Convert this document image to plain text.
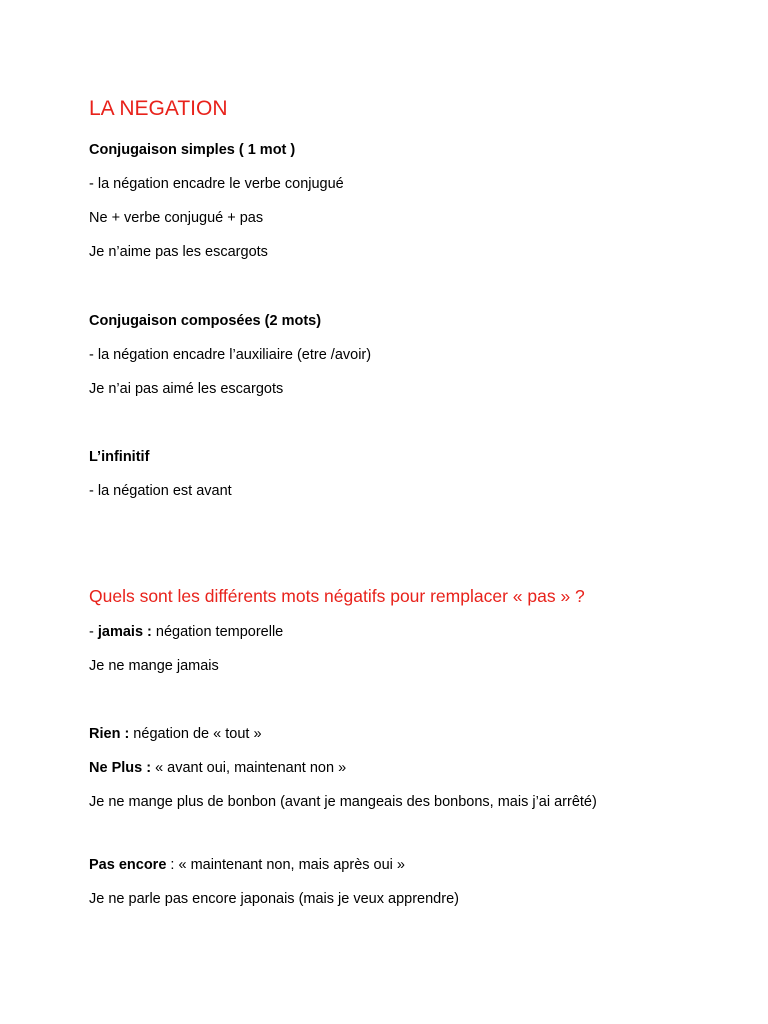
LA NEGATION
Conjugaison simples ( 1 mot )
- la négation encadre le verbe conjugué
Ne + verbe conjugué + pas
Je n’aime pas les escargots
Conjugaison composées (2 mots)
- la négation encadre l’auxiliaire (etre /avoir)
Je n’ai pas aimé les escargots
L’infinitif
- la négation est avant
Quels sont les différents mots négatifs pour remplacer « pas » ?
- jamais : négation temporelle
Je ne mange jamais
Rien : négation de « tout »
Ne Plus : « avant oui, maintenant non »
Je ne mange plus de bonbon (avant je mangeais des bonbons, mais j’ai arrêté)
Pas encore : « maintenant non, mais après oui »
Je ne parle pas encore japonais (mais je veux apprendre)
